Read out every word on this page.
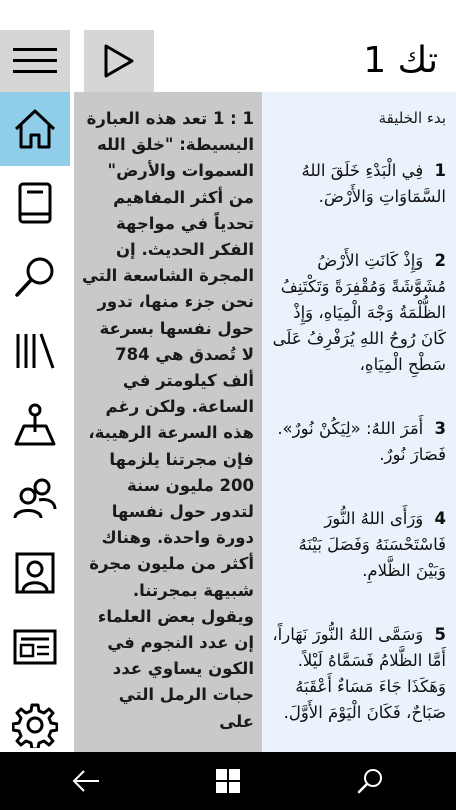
تك 1

1 : 1 تعد هذه العبارة البسيطة: "خلق الله السموات والأرض" من أكثر المفاهيم تحدياً في مواجهة الفكر الحديث. إن المجرة الشاسعة التي نحن جزء منها، تدور حول نفسها بسرعة لا تُصدق هي 784 ألف كيلومتر في الساعة. ولكن رغم هذه السرعة الرهيبة، فإن مجرتنا يلزمها 200 مليون سنة لتدور حول نفسها دورة واحدة. وهناك أكثر من مليون مجرة شبيهة بمجرتنا. ويقول بعض العلماء إن عدد النجوم في الكون يساوي عدد حبات الرمل التي على

بدء الخليقة
1 فِي الْبَدْءِ خَلَقَ اللهُ السَّمَاوَاتِ وَالأَرْضَ.
2 وَإِذْ كَانَتِ الأَرْضُ مُشَوَّشَةً وَمُقْفِرَةً وَتَكْتَنِفُ الظُّلْمَةُ وَجْهَ الْمِيَاهِ، وَإِذْ كَانَ رُوحُ اللهِ يُرَفْرِفُ عَلَى سَطْحِ الْمِيَاهِ،
3 أَمَرَ اللهُ: «لِيَكُنْ نُورٌ». فَصَارَ نُورٌ.
4 وَرَأَى اللهُ النُّورَ فَاسْتَحْسَنَهُ وَفَصَلَ بَيْنَهُ وَبَيْنَ الظَّلامِ.
5 وَسَمَّى اللهُ النُّورَ نَهَاراً، أَمَّا الظَّلامُ فَسَمَّاهُ لَيْلاً. وَهَكَذَا جَاءَ مَسَاءٌ أَعْقَبَهُ صَبَاحٌ، فَكَانَ الْيَوْمَ الأَوَّلَ.
